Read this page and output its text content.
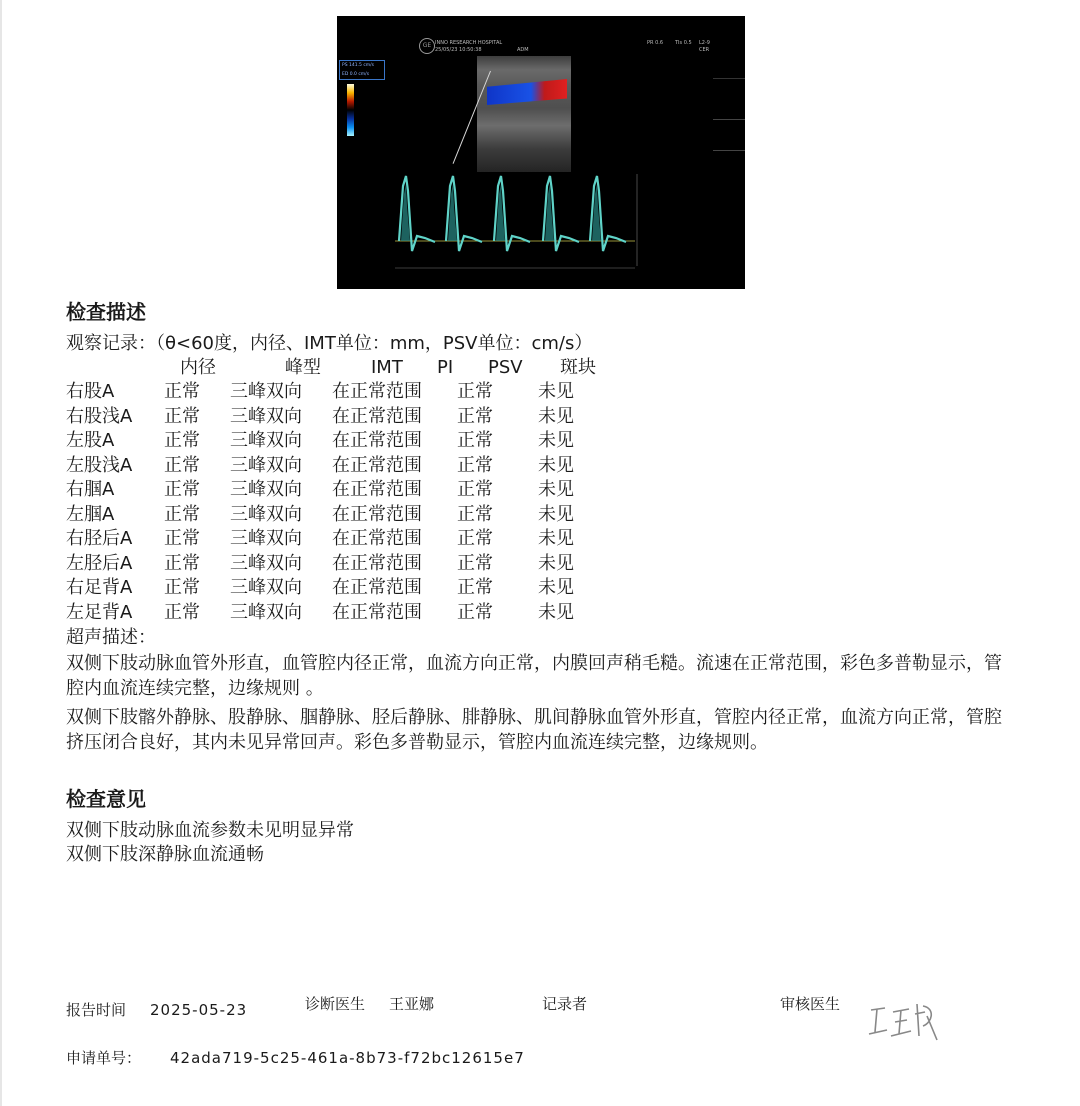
INNO RESEARCH HOSPITAL
25/05/23 10:50:38	ADM
PR 0.6 TIs 0.5 L2-9
CER
GE
PS 141.5 cm/s
ED 0.0 cm/s
检查描述
观察记录：（θ<60度，内径、IMT单位：mm，PSV单位：cm/s）
内径	峰型	IMT PI PSV 斑块
右股A	正常 三峰双向 在正常范围 正常	未见
右股浅A 正常 三峰双向 在正常范围 正常	未见
左股A	正常 三峰双向 在正常范围 正常	未见
左股浅A 正常 三峰双向 在正常范围 正常	未见
右腘A	正常 三峰双向 在正常范围 正常	未见
左腘A	正常 三峰双向 在正常范围 正常	未见
右胫后A 正常 三峰双向 在正常范围 正常	未见
左胫后A 正常 三峰双向 在正常范围 正常	未见
右足背A 正常 三峰双向 在正常范围 正常	未见
左足背A 正常 三峰双向 在正常范围 正常	未见
超声描述：
双侧下肢动脉血管外形直，血管腔内径正常，血流方向正常，内膜回声稍毛糙。流速在正常范围，彩色多普勒显示，管腔内血流连续完整，边缘规则 。
双侧下肢髂外静脉、股静脉、腘静脉、胫后静脉、腓静脉、肌间静脉血管外形直，管腔内径正常，血流方向正常，管腔挤压闭合良好，其内未见异常回声。彩色多普勒显示，管腔内血流连续完整，边缘规则。
检查意见
双侧下肢动脉血流参数未见明显异常
双侧下肢深静脉血流通畅
报告时间 2025-05-23	诊断医生 王亚娜	记录者	审核医生
申请单号： 42ada719-5c25-461a-8b73-f72bc12615e7
